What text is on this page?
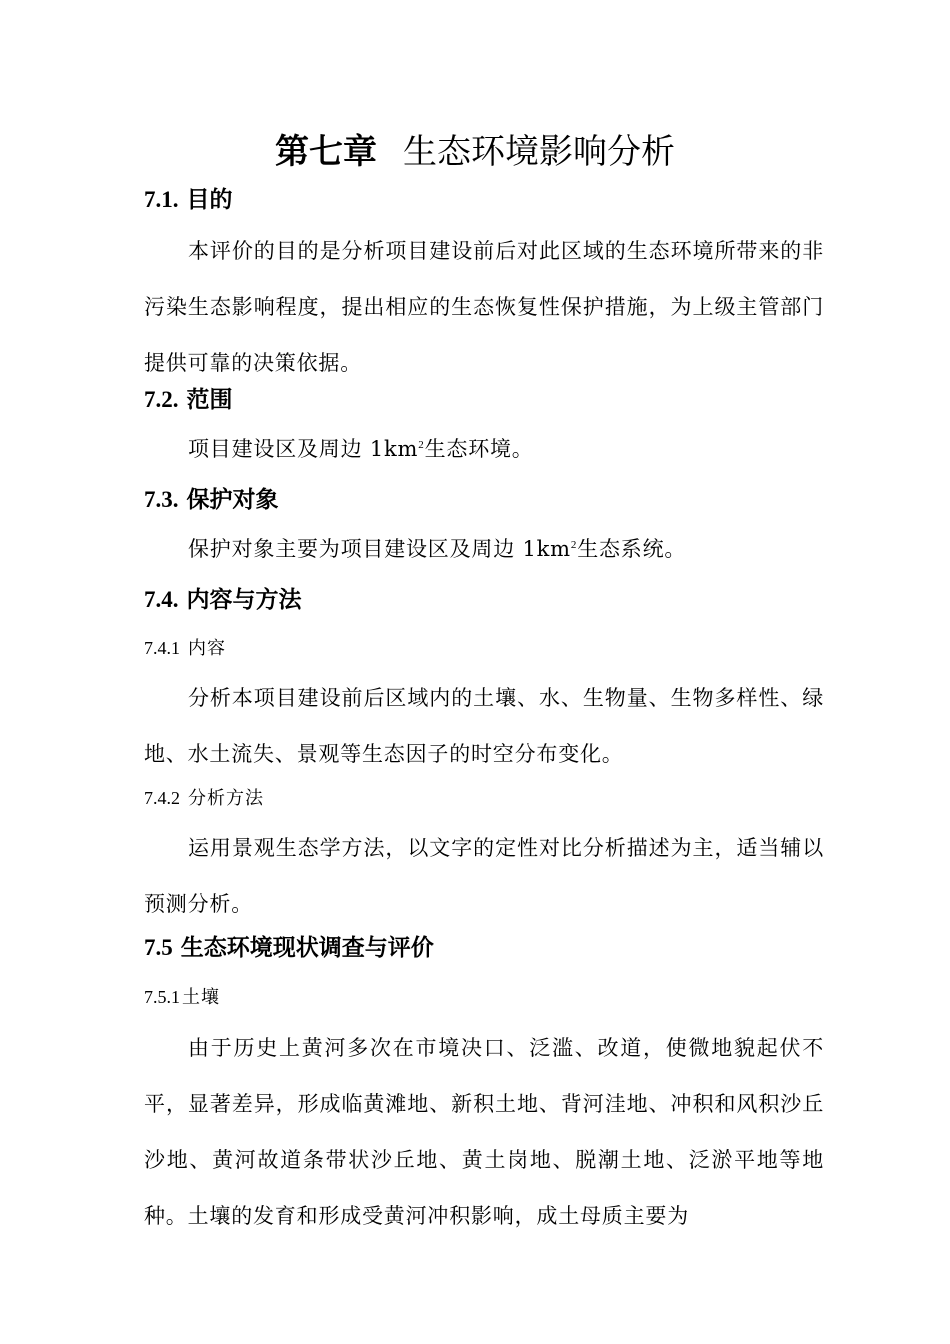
第七章 生态环境影响分析
7.1. 目的
本评价的目的是分析项目建设前后对此区域的生态环境所带来的非污染生态影响程度，提出相应的生态恢复性保护措施，为上级主管部门提供可靠的决策依据。
7.2. 范围
项目建设区及周边 $1km^2$生态环境。
7.3. 保护对象
保护对象主要为项目建设区及周边 $1km^2$生态系统。
7.4. 内容与方法
7.4.1 内容
分析本项目建设前后区域内的土壤、水、生物量、生物多样性、绿地、水土流失、景观等生态因子的时空分布变化。
7.4.2 分析方法
运用景观生态学方法，以文字的定性对比分析描述为主，适当辅以预测分析。
7.5 生态环境现状调查与评价
7.5.1 土壤
由于历史上黄河多次在市境决口、泛滥、改道，使微地貌起伏不平，显著差异，形成临黄滩地、新积土地、背河洼地、冲积和风积沙丘沙地、黄河故道条带状沙丘地、黄土岗地、脱潮土地、泛淤平地等地种。土壤的发育和形成受黄河冲积影响，成土母质主要为
